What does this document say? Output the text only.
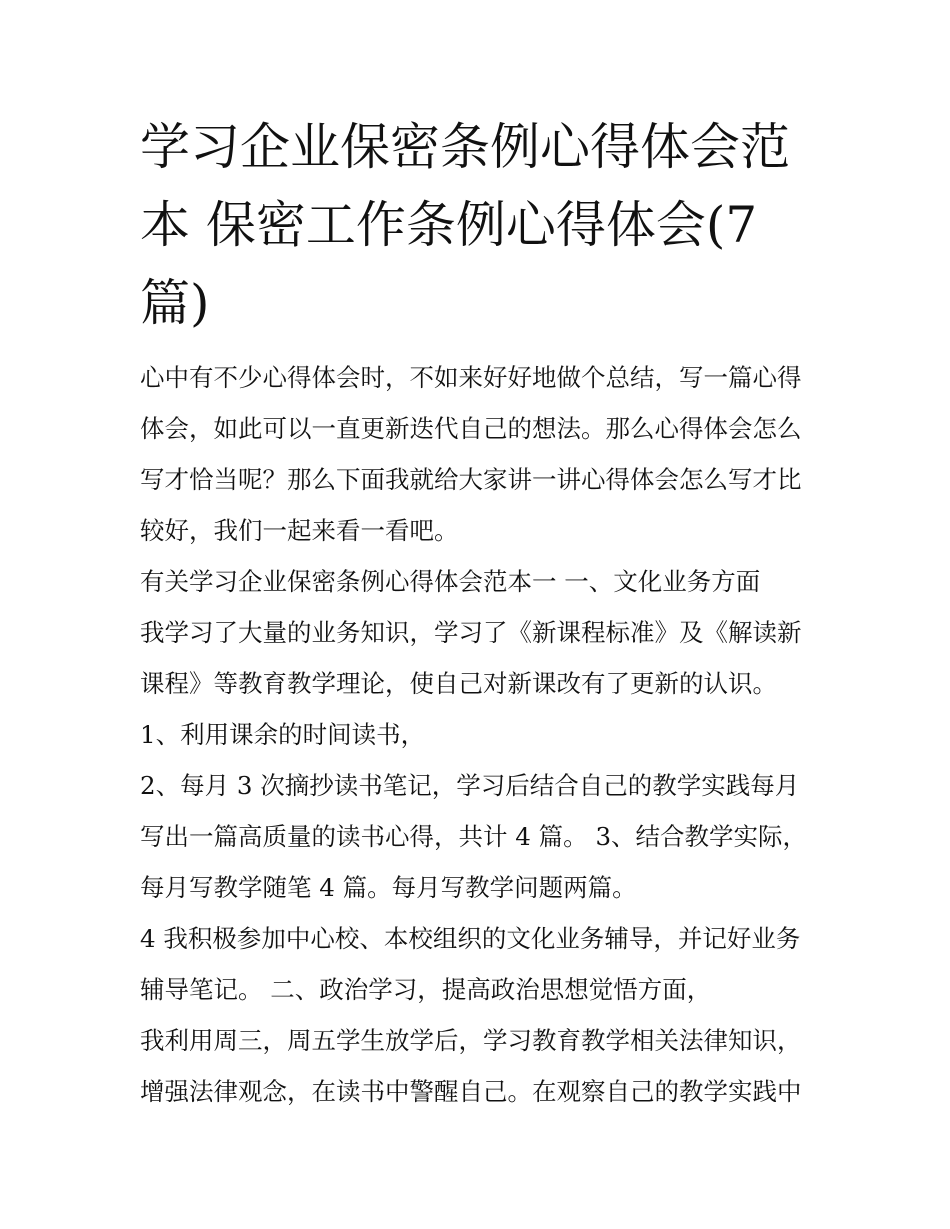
学习企业保密条例心得体会范
本 保密工作条例心得体会(7
篇)

心中有不少心得体会时，不如来好好地做个总结，写一篇心得

体会，如此可以一直更新迭代自己的想法。那么心得体会怎么

写才恰当呢？那么下面我就给大家讲一讲心得体会怎么写才比

较好，我们一起来看一看吧。

有关学习企业保密条例心得体会范本一 一、文化业务方面

我学习了大量的业务知识，学习了《新课程标准》及《解读新

课程》等教育教学理论，使自己对新课改有了更新的认识。

1、利用课余的时间读书，

2、每月 3 次摘抄读书笔记，学习后结合自己的教学实践每月

写出一篇高质量的读书心得，共计 4 篇。 3、结合教学实际，

每月写教学随笔 4 篇。每月写教学问题两篇。

4 我积极参加中心校、本校组织的文化业务辅导，并记好业务

辅导笔记。 二、政治学习，提高政治思想觉悟方面，

我利用周三，周五学生放学后，学习教育教学相关法律知识，

增强法律观念，在读书中警醒自己。在观察自己的教学实践中
